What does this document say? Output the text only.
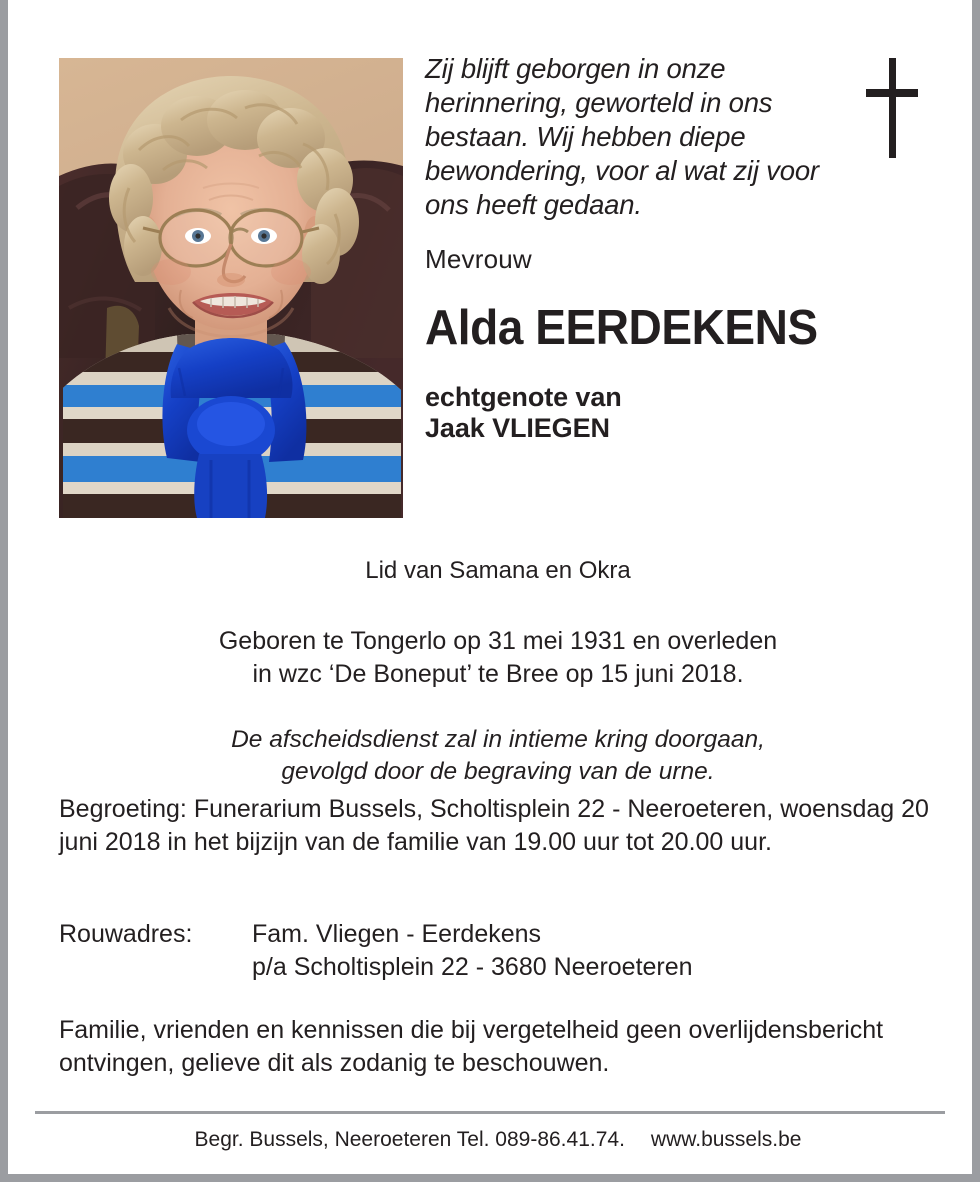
Zij blijft geborgen in onze herinnering, geworteld in ons bestaan. Wij hebben diepe bewondering, voor al wat zij voor ons heeft gedaan.

Mevrouw

Alda EERDEKENS

echtgenote van
Jaak VLIEGEN

Lid van Samana en Okra
Geboren te Tongerlo op 31 mei 1931 en overleden
in wzc ‘De Boneput’ te Bree op 15 juni 2018.
De afscheidsdienst zal in intieme kring doorgaan,
gevolgd door de begraving van de urne.
Begroeting: Funerarium Bussels, Scholtisplein 22 - Neeroeteren, woensdag 20 juni 2018 in het bijzijn van de familie van 19.00 uur tot 20.00 uur.
Rouwadres:	Fam. Vliegen - Eerdekens
p/a Scholtisplein 22 - 3680 Neeroeteren
Familie, vrienden en kennissen die bij vergetelheid geen overlijdensbericht ontvingen, gelieve dit als zodanig te beschouwen.
Begr. Bussels, Neeroeteren Tel. 089-86.41.74. www.bussels.be
